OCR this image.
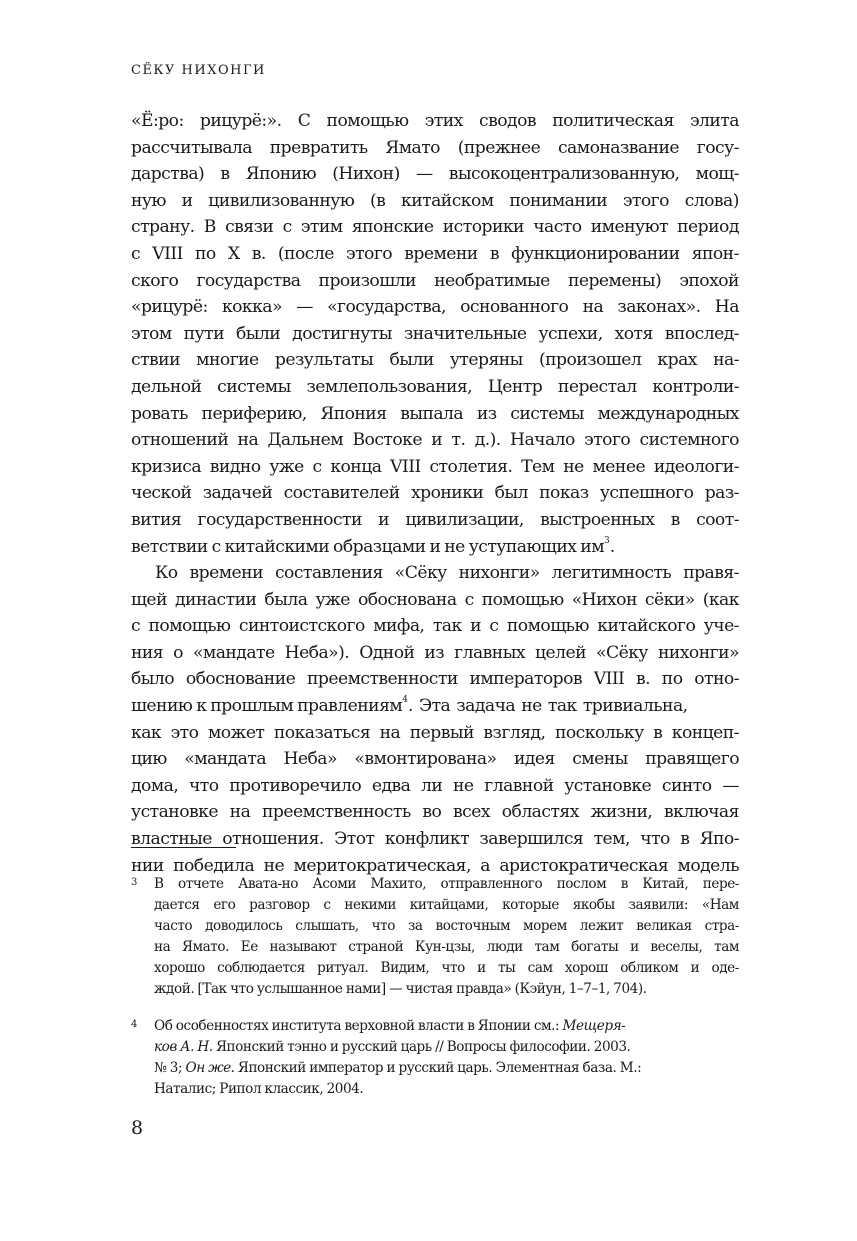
СЁКУ НИХОНГИ
«Ё:ро: рицурё:». С помощью этих сводов политическая элита
рассчитывала превратить Ямато (прежнее самоназвание госу-
дарства) в Японию (Нихон) — высокоцентрализованную, мощ-
ную и цивилизованную (в китайском понимании этого слова)
страну. В связи с этим японские историки часто именуют период
с VIII по X в. (после этого времени в функционировании япон-
ского государства произошли необратимые перемены) эпохой
«рицурё: кокка» — «государства, основанного на законах». На
этом пути были достигнуты значительные успехи, хотя впослед-
ствии многие результаты были утеряны (произошел крах на-
дельной системы землепользования, Центр перестал контроли-
ровать периферию, Япония выпала из системы международных
отношений на Дальнем Востоке и т. д.). Начало этого системного
кризиса видно уже с конца VIII столетия. Тем не менее идеологи-
ческой задачей составителей хроники был показ успешного раз-
вития государственности и цивилизации, выстроенных в соот-
ветствии с китайскими образцами и не уступающих $им^3$ .
Ко времени составления «Сёку нихонги» легитимность правя-
щей династии была уже обоснована с помощью «Нихон сёки» (как
с помощью синтоистского мифа, так и с помощью китайского уче-
ния о «мандате Неба»). Одной из главных целей «Сёку нихонги»
было обоснование преемственности императоров VIII в. по отно-
шению к прошлым правлениям$^4$ . Эта задача не так тривиальна,
как это может показаться на первый взгляд, поскольку в концеп-
цию «мандата Неба» «вмонтирована» идея смены правящего
дома, что противоречило едва ли не главной установке синто —
установке на преемственность во всех областях жизни, включая
властные отношения. Этот конфликт завершился тем, что в Япо-
нии победила не меритократическая, а аристократическая модель
3 В отчете Авата-но Асоми Махито, отправленного послом в Китай, пере-
дается его разговор с некими китайцами, которые якобы заявили: «Нам
часто доводилось слышать, что за восточным морем лежит великая стра-
на Ямато. Ее называют страной Кун-цзы, люди там богаты и веселы, там
хорошо соблюдается ритуал. Видим, что и ты сам хорош обликом и оде-
ждой. [Так что услышанное нами] — чистая правда» (Кэйун, 1–7–1, 704).
4 Об особенностях института верховной власти в Японии см.: Мещеря-
ков А. Н. Японский тэнно и русский царь // Вопросы философии. 2003.
№ 3; Он же. Японский император и русский царь. Элементная база. М.:
Наталис; Рипол классик, 2004.
8
